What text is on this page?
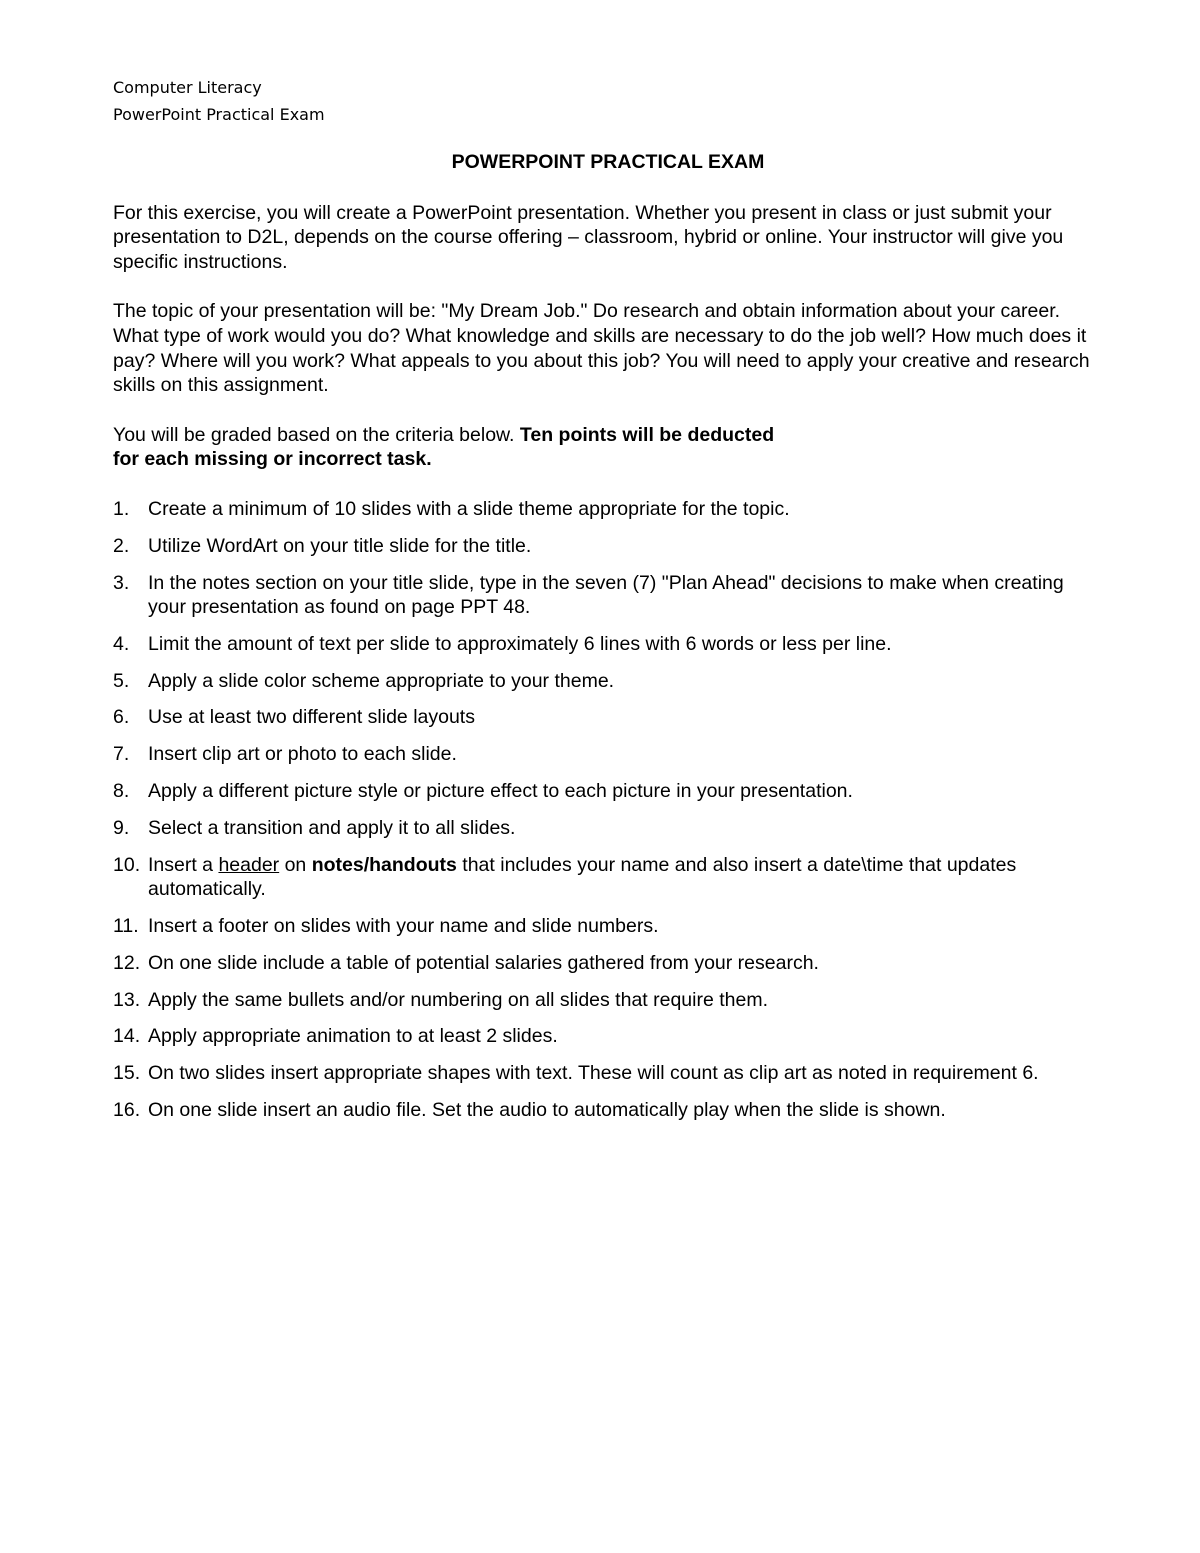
Computer Literacy
PowerPoint Practical Exam
POWERPOINT PRACTICAL EXAM

For this exercise, you will create a PowerPoint presentation. Whether you present in class or just submit your presentation to D2L, depends on the course offering – classroom, hybrid or online. Your instructor will give you specific instructions.

The topic of your presentation will be: "My Dream Job." Do research and obtain information about your career. What type of work would you do? What knowledge and skills are necessary to do the job well? How much does it pay? Where will you work? What appeals to you about this job? You will need to apply your creative and research skills on this assignment.

You will be graded based on the criteria below. Ten points will be deducted
for each missing or incorrect task.

1. Create a minimum of 10 slides with a slide theme appropriate for the topic.
2. Utilize WordArt on your title slide for the title.
3. In the notes section on your title slide, type in the seven (7) "Plan Ahead" decisions to make when creating your presentation as found on page PPT 48.
4. Limit the amount of text per slide to approximately 6 lines with 6 words or less per line.
5. Apply a slide color scheme appropriate to your theme.
6. Use at least two different slide layouts
7. Insert clip art or photo to each slide.
8. Apply a different picture style or picture effect to each picture in your presentation.
9. Select a transition and apply it to all slides.
10. Insert a header on notes/handouts that includes your name and also insert a date\time that updates automatically.
11. Insert a footer on slides with your name and slide numbers.
12. On one slide include a table of potential salaries gathered from your research.
13. Apply the same bullets and/or numbering on all slides that require them.
14. Apply appropriate animation to at least 2 slides.
15. On two slides insert appropriate shapes with text. These will count as clip art as noted in requirement 6.
16. On one slide insert an audio file. Set the audio to automatically play when the slide is shown.
